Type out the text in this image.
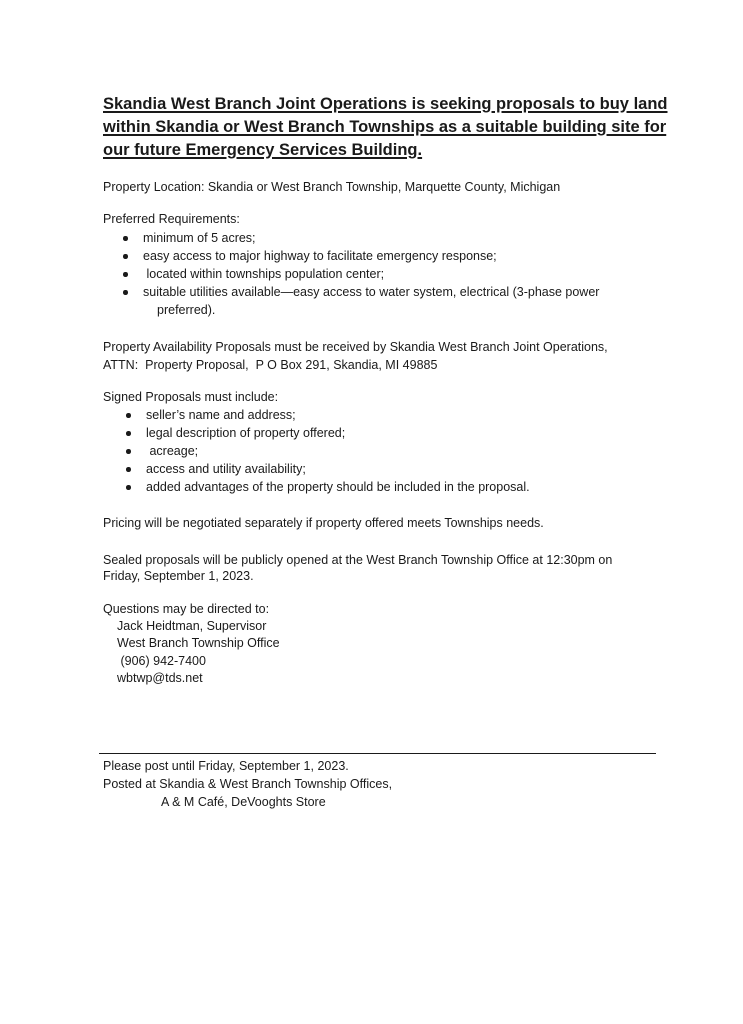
Skandia West Branch Joint Operations is seeking proposals to buy land
within Skandia or West Branch Townships as a suitable building site for
our future Emergency Services Building.
Property Location: Skandia or West Branch Township, Marquette County, Michigan
Preferred Requirements:
minimum of 5 acres;
easy access to major highway to facilitate emergency response;
located within townships population center;
suitable utilities available—easy access to water system, electrical (3-phase power
preferred).
Property Availability Proposals must be received by Skandia West Branch Joint Operations,
ATTN:  Property Proposal,  P O Box 291, Skandia, MI 49885
Signed Proposals must include:
seller’s name and address;
legal description of property offered;
acreage;
access and utility availability;
added advantages of the property should be included in the proposal.
Pricing will be negotiated separately if property offered meets Townships needs.
Sealed proposals will be publicly opened at the West Branch Township Office at 12:30pm on
Friday, September 1, 2023.
Questions may be directed to:
Jack Heidtman, Supervisor
West Branch Township Office
(906) 942-7400
wbtwp@tds.net
Please post until Friday, September 1, 2023.
Posted at Skandia & West Branch Township Offices,
A & M Café, DeVooghts Store
